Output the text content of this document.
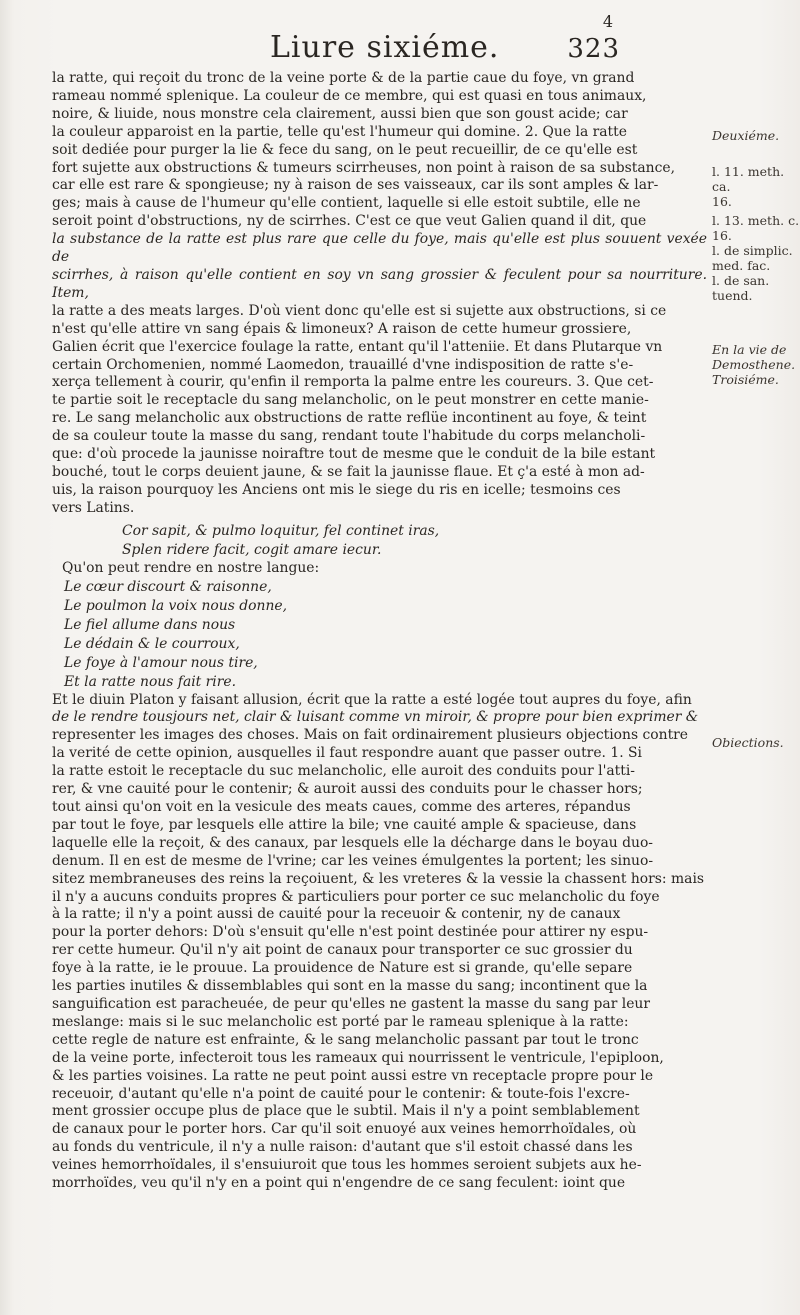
Liure sixiéme.
4
323

la ratte, qui reçoit du tronc de la veine porte & de la partie caue du foye, vn grand

rameau nommé splenique. La couleur de ce membre, qui est quasi en tous animaux,

noire, & liuide, nous monstre cela clairement, aussi bien que son goust acide; car

la couleur apparoist en la partie, telle qu'est l'humeur qui domine. 2. Que la ratte

soit dediée pour purger la lie & fece du sang, on le peut recueillir, de ce qu'elle est

fort sujette aux obstructions & tumeurs scirrheuses, non point à raison de sa substance,

car elle est rare & spongieuse; ny à raison de ses vaisseaux, car ils sont amples & lar-

ges; mais à cause de l'humeur qu'elle contient, laquelle si elle estoit subtile, elle ne

seroit point d'obstructions, ny de scirrhes. C'est ce que veut Galien quand il dit, que

la substance de la ratte est plus rare que celle du foye, mais qu'elle est plus souuent vexée de

scirrhes, à raison qu'elle contient en soy vn sang grossier & feculent pour sa nourriture. Item,

la ratte a des meats larges. D'où vient donc qu'elle est si sujette aux obstructions, si ce

n'est qu'elle attire vn sang épais & limoneux? A raison de cette humeur grossiere,

Galien écrit que l'exercice foulage la ratte, entant qu'il l'atteniie. Et dans Plutarque vn

certain Orchomenien, nommé Laomedon, trauaillé d'vne indisposition de ratte s'e-

xerça tellement à courir, qu'enfin il remporta la palme entre les coureurs. 3. Que cet-

te partie soit le receptacle du sang melancholic, on le peut monstrer en cette manie-

re. Le sang melancholic aux obstructions de ratte reflüe incontinent au foye, & teint

de sa couleur toute la masse du sang, rendant toute l'habitude du corps melancholi-

que: d'où procede la jaunisse noiraftre tout de mesme que le conduit de la bile estant

bouché, tout le corps deuient jaune, & se fait la jaunisse flaue. Et ç'a esté à mon ad-

uis, la raison pourquoy les Anciens ont mis le siege du ris en icelle; tesmoins ces

vers Latins.

Cor sapit, & pulmo loquitur, fel continet iras,
Splen ridere facit, cogit amare iecur.

Qu'on peut rendre en nostre langue:

Le cœur discourt & raisonne,
Le poulmon la voix nous donne,
Le fiel allume dans nous
Le dédain & le courroux,
Le foye à l'amour nous tire,
Et la ratte nous fait rire.

Et le diuin Platon y faisant allusion, écrit que la ratte a esté logée tout aupres du foye, afin

de le rendre tousjours net, clair & luisant comme vn miroir, & propre pour bien exprimer &

representer les images des choses. Mais on fait ordinairement plusieurs objections contre

la verité de cette opinion, ausquelles il faut respondre auant que passer outre. 1. Si

la ratte estoit le receptacle du suc melancholic, elle auroit des conduits pour l'atti-

rer, & vne cauité pour le contenir; & auroit aussi des conduits pour le chasser hors;

tout ainsi qu'on voit en la vesicule des meats caues, comme des arteres, répandus

par tout le foye, par lesquels elle attire la bile; vne cauité ample & spacieuse, dans

laquelle elle la reçoit, & des canaux, par lesquels elle la décharge dans le boyau duo-

denum. Il en est de mesme de l'vrine; car les veines émulgentes la portent; les sinuo-

sitez membraneuses des reins la reçoiuent, & les vreteres & la vessie la chassent hors: mais

il n'y a aucuns conduits propres & particuliers pour porter ce suc melancholic du foye

à la ratte; il n'y a point aussi de cauité pour la receuoir & contenir, ny de canaux

pour la porter dehors: D'où s'ensuit qu'elle n'est point destinée pour attirer ny espu-

rer cette humeur. Qu'il n'y ait point de canaux pour transporter ce suc grossier du

foye à la ratte, ie le prouue. La prouidence de Nature est si grande, qu'elle separe

les parties inutiles & dissemblables qui sont en la masse du sang; incontinent que la

sanguification est paracheuée, de peur qu'elles ne gastent la masse du sang par leur

meslange: mais si le suc melancholic est porté par le rameau splenique à la ratte:

cette regle de nature est enfrainte, & le sang melancholic passant par tout le tronc

de la veine porte, infecteroit tous les rameaux qui nourrissent le ventricule, l'epiploon,

& les parties voisines. La ratte ne peut point aussi estre vn receptacle propre pour le

receuoir, d'autant qu'elle n'a point de cauité pour le contenir: & toute-fois l'excre-

ment grossier occupe plus de place que le subtil. Mais il n'y a point semblablement

de canaux pour le porter hors. Car qu'il soit enuoyé aux veines hemorrhoïdales, où

au fonds du ventricule, il n'y a nulle raison: d'autant que s'il estoit chassé dans les

veines hemorrhoïdales, il s'ensuiuroit que tous les hommes seroient subjets aux he-

morrhoïdes, veu qu'il n'y en a point qui n'engendre de ce sang feculent: ioint que

Deuxiéme.
l. 11. meth. ca.
16.
l. 13. meth. c.
16.
l. de simplic.
med. fac.
l. de san.
tuend.
En la vie de
Demosthene.
Troisiéme.
Obiections.
